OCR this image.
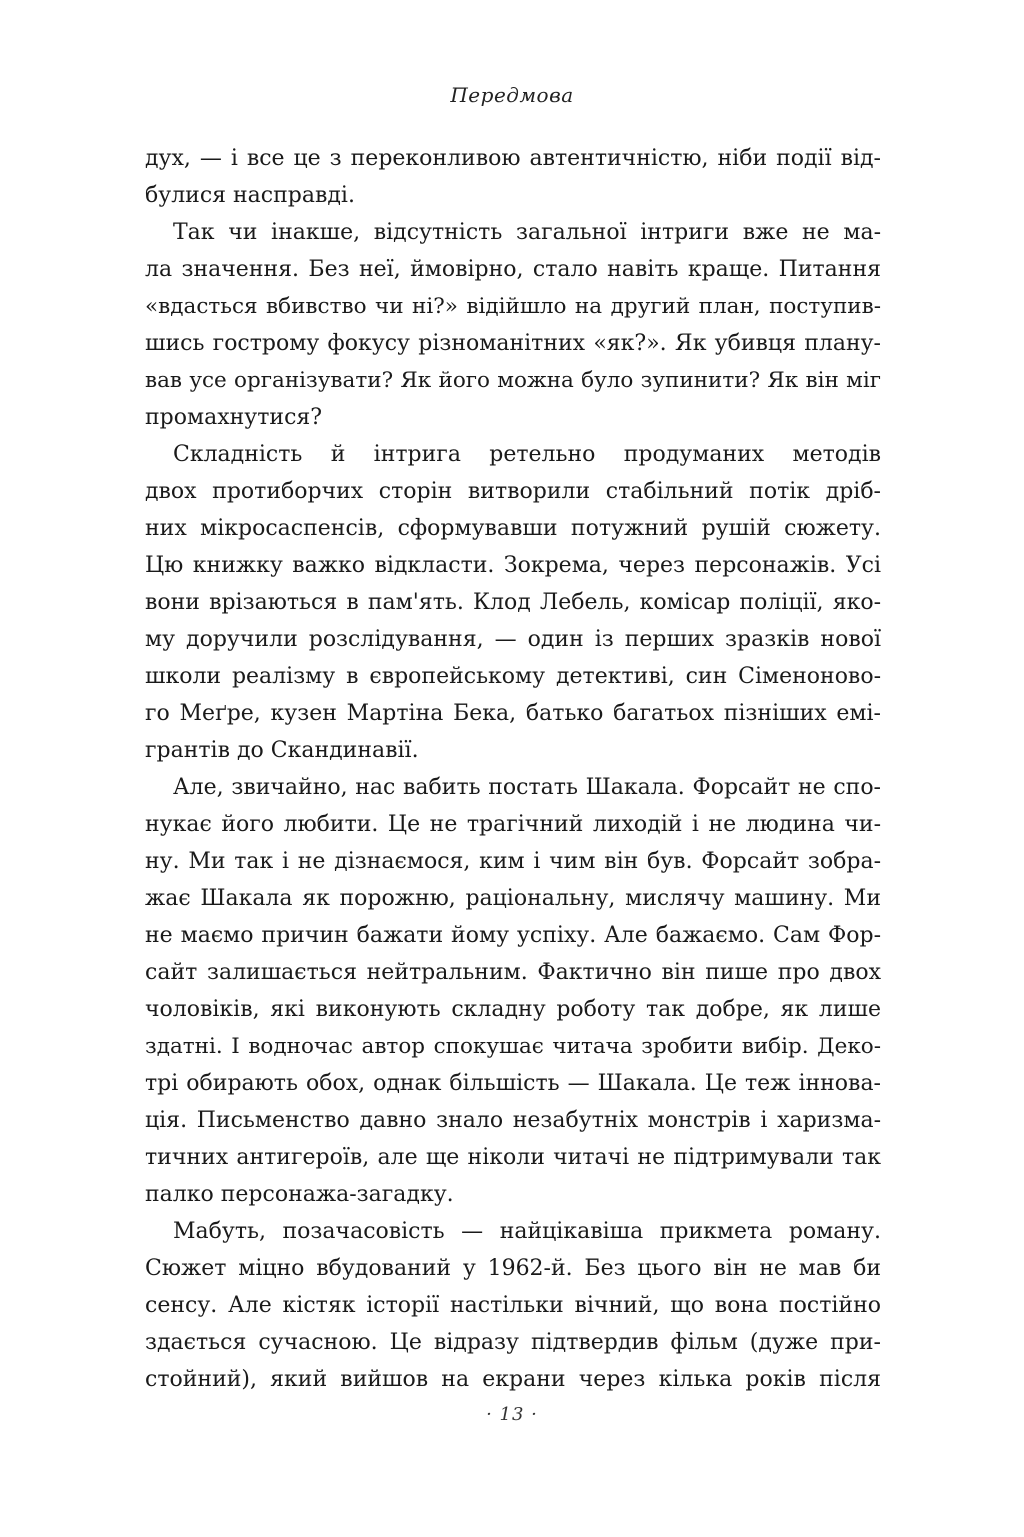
Передмова
дух, — і все це з переконливою автентичністю, ніби події від-
булися насправді.
Так чи інакше, відсутність загальної інтриги вже не ма-
ла значення. Без неї, ймовірно, стало навіть краще. Питання
«вдасться вбивство чи ні?» відійшло на другий план, поступив-
шись гострому фокусу різноманітних «як?». Як убивця плану-
вав усе організувати? Як його можна було зупинити? Як він міг
промахнутися?
Складність й інтрига ретельно продуманих методів
двох протиборчих сторін витворили стабільний потік дріб-
них мікросаспенсів, сформувавши потужний рушій сюжету.
Цю книжку важко відкласти. Зокрема, через персонажів. Усі
вони врізаються в пам'ять. Клод Лебель, комісар поліції, яко-
му доручили розслідування, — один із перших зразків нової
школи реалізму в європейському детективі, син Сіменоново-
го Меґре, кузен Мартіна Бека, батько багатьох пізніших емі-
грантів до Скандинавії.
Але, звичайно, нас вабить постать Шакала. Форсайт не спо-
нукає його любити. Це не трагічний лиходій і не людина чи-
ну. Ми так і не дізнаємося, ким і чим він був. Форсайт зобра-
жає Шакала як порожню, раціональну, мислячу машину. Ми
не маємо причин бажати йому успіху. Але бажаємо. Сам Фор-
сайт залишається нейтральним. Фактично він пише про двох
чоловіків, які виконують складну роботу так добре, як лише
здатні. І водночас автор спокушає читача зробити вибір. Деко-
трі обирають обох, однак більшість — Шакала. Це теж іннова-
ція. Письменство давно знало незабутніх монстрів і харизма-
тичних антигероїв, але ще ніколи читачі не підтримували так
палко персонажа-загадку.
Мабуть, позачасовість — найцікавіша прикмета роману.
Сюжет міцно вбудований у 1962-й. Без цього він не мав би
сенсу. Але кістяк історії настільки вічний, що вона постійно
здається сучасною. Це відразу підтвердив фільм (дуже при-
стойний), який вийшов на екрани через кілька років після
· 13 ·
